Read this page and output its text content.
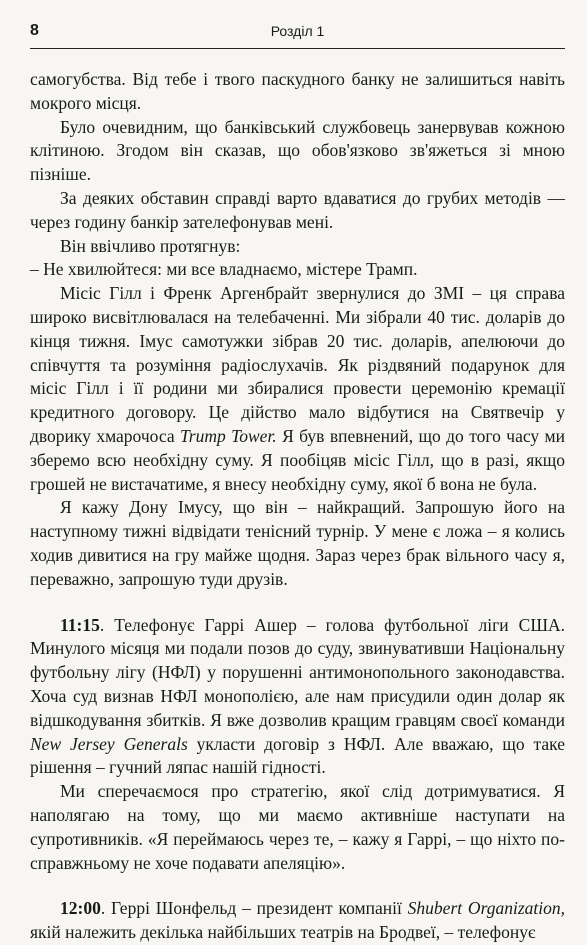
8	Розділ 1

самогубства. Від тебе і твого паскудного банку не залишиться навіть мокрого місця.

Було очевидним, що банківський службовець занервував кожною клітиною. Згодом він сказав, що обов'язково зв'яжеться зі мною пізніше.

За деяких обставин справді варто вдаватися до грубих методів — через годину банкір зателефонував мені.

Він ввічливо протягнув:

– Не хвилюйтеся: ми все владнаємо, містере Трамп.

Місіс Гілл і Френк Аргенбрайт звернулися до ЗМІ – ця справа широко висвітлювалася на телебаченні. Ми зібрали 40 тис. доларів до кінця тижня. Імус самотужки зібрав 20 тис. доларів, апелюючи до співчуття та розуміння радіослухачів. Як різдвяний подарунок для місіс Гілл і її родини ми збиралися провести церемонію кремації кредитного договору. Це дійство мало відбутися на Святвечір у дворику хмарочоса Trump Tower. Я був впевнений, що до того часу ми зберемо всю необхідну суму. Я пообіцяв місіс Гілл, що в разі, якщо грошей не вистачатиме, я внесу необхідну суму, якої б вона не була.

Я кажу Дону Імусу, що він – найкращий. Запрошую його на наступному тижні відвідати тенісний турнір. У мене є ложа – я колись ходив дивитися на гру майже щодня. Зараз через брак вільного часу я, переважно, запрошую туди друзів.

11:15. Телефонує Гаррі Ашер – голова футбольної ліги США. Минулого місяця ми подали позов до суду, звинувативши Національну футбольну лігу (НФЛ) у порушенні антимонопольного законодавства. Хоча суд визнав НФЛ монополією, але нам присудили один долар як відшкодування збитків. Я вже дозволив кращим гравцям своєї команди New Jersey Generals укласти договір з НФЛ. Але вважаю, що таке рішення – гучний ляпас нашій гідності.

Ми сперечаємося про стратегію, якої слід дотримуватися. Я наполягаю на тому, що ми маємо активніше наступати на супротивників. «Я переймаюсь через те, – кажу я Гаррі, – що ніхто по-справжньому не хоче подавати апеляцію».

12:00. Геррі Шонфельд – президент компанії Shubert Organization, якій належить декілька найбільших театрів на Бродвеї, – телефонує
